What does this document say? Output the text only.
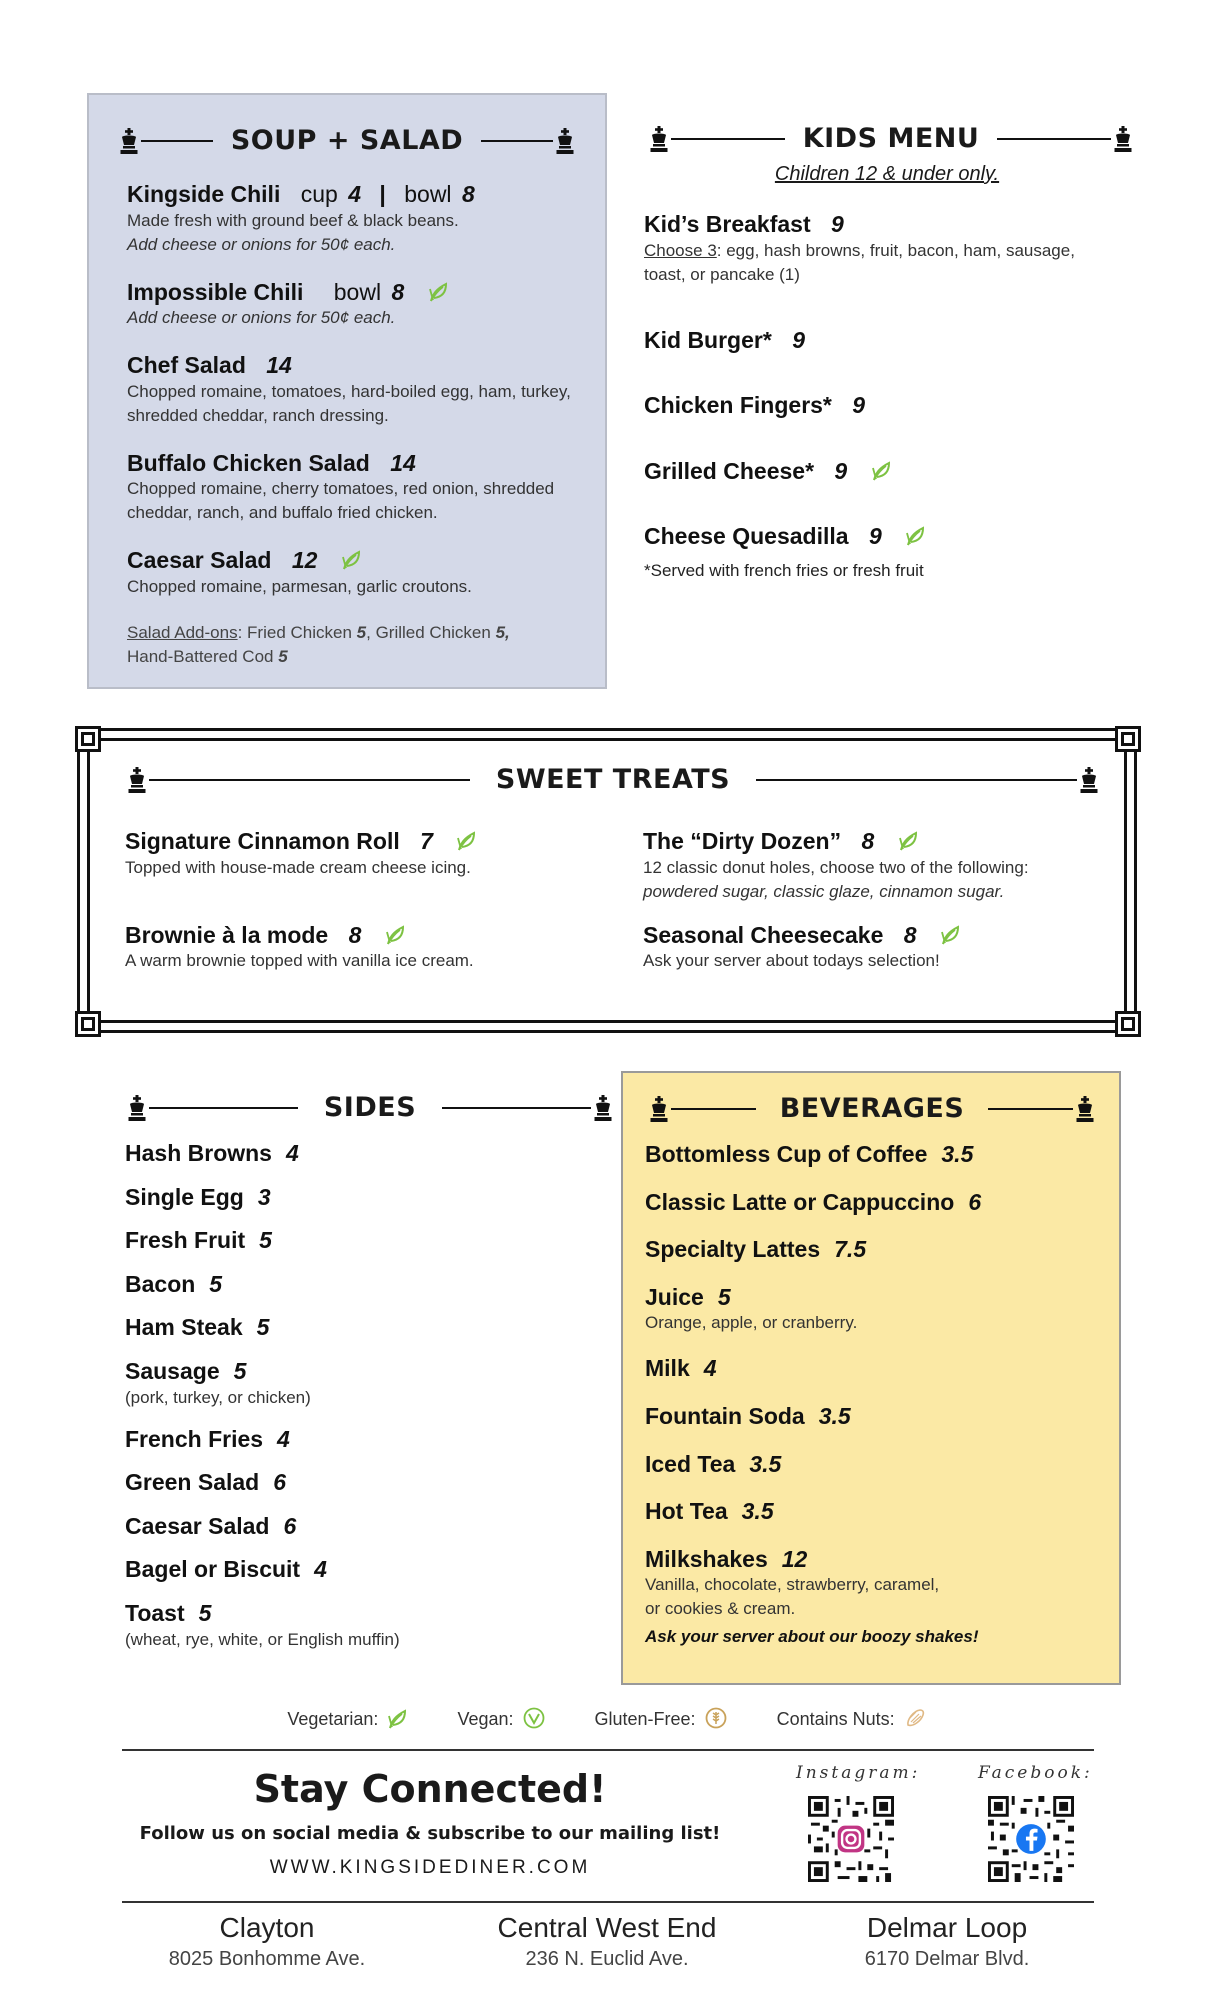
SOUP + SALAD
Kingside Chili cup 4 | bowl 8
Made fresh with ground beef & black beans.
Add cheese or onions for 50¢ each.
Impossible Chili bowl 8
Add cheese or onions for 50¢ each.
Chef Salad 14
Chopped romaine, tomatoes, hard-boiled egg, ham, turkey, shredded cheddar, ranch dressing.
Buffalo Chicken Salad 14
Chopped romaine, cherry tomatoes, red onion, shredded cheddar, ranch, and buffalo fried chicken.
Caesar Salad 12
Chopped romaine, parmesan, garlic croutons.
Salad Add-ons: Fried Chicken 5, Grilled Chicken 5,
Hand-Battered Cod 5
KIDS MENU
Children 12 & under only.
Kid’s Breakfast 9
Choose 3: egg, hash browns, fruit, bacon, ham, sausage, toast, or pancake (1)
Kid Burger* 9
Chicken Fingers* 9
Grilled Cheese* 9
Cheese Quesadilla 9
*Served with french fries or fresh fruit
SWEET TREATS
Signature Cinnamon Roll 7
Topped with house-made cream cheese icing.
Brownie à la mode 8
A warm brownie topped with vanilla ice cream.
The “Dirty Dozen” 8
12 classic donut holes, choose two of the following:
powdered sugar, classic glaze, cinnamon sugar.
Seasonal Cheesecake 8
Ask your server about todays selection!
SIDES
Hash Browns 4
Single Egg 3
Fresh Fruit 5
Bacon 5
Ham Steak 5
Sausage 5
(pork, turkey, or chicken)
French Fries 4
Green Salad 6
Caesar Salad 6
Bagel or Biscuit 4
Toast 5
(wheat, rye, white, or English muffin)
BEVERAGES
Bottomless Cup of Coffee 3.5
Classic Latte or Cappuccino 6
Specialty Lattes 7.5
Juice 5
Orange, apple, or cranberry.
Milk 4
Fountain Soda 3.5
Iced Tea 3.5
Hot Tea 3.5
Milkshakes 12
Vanilla, chocolate, strawberry, caramel,
or cookies & cream.
Ask your server about our boozy shakes!
Vegetarian:	Vegan:	Gluten-Free:	Contains Nuts:
Stay Connected!
Follow us on social media & subscribe to our mailing list!
WWW.KINGSIDEDINER.COM
Instagram:	Facebook:
Clayton
8025 Bonhomme Ave.
Central West End
236 N. Euclid Ave.
Delmar Loop
6170 Delmar Blvd.
